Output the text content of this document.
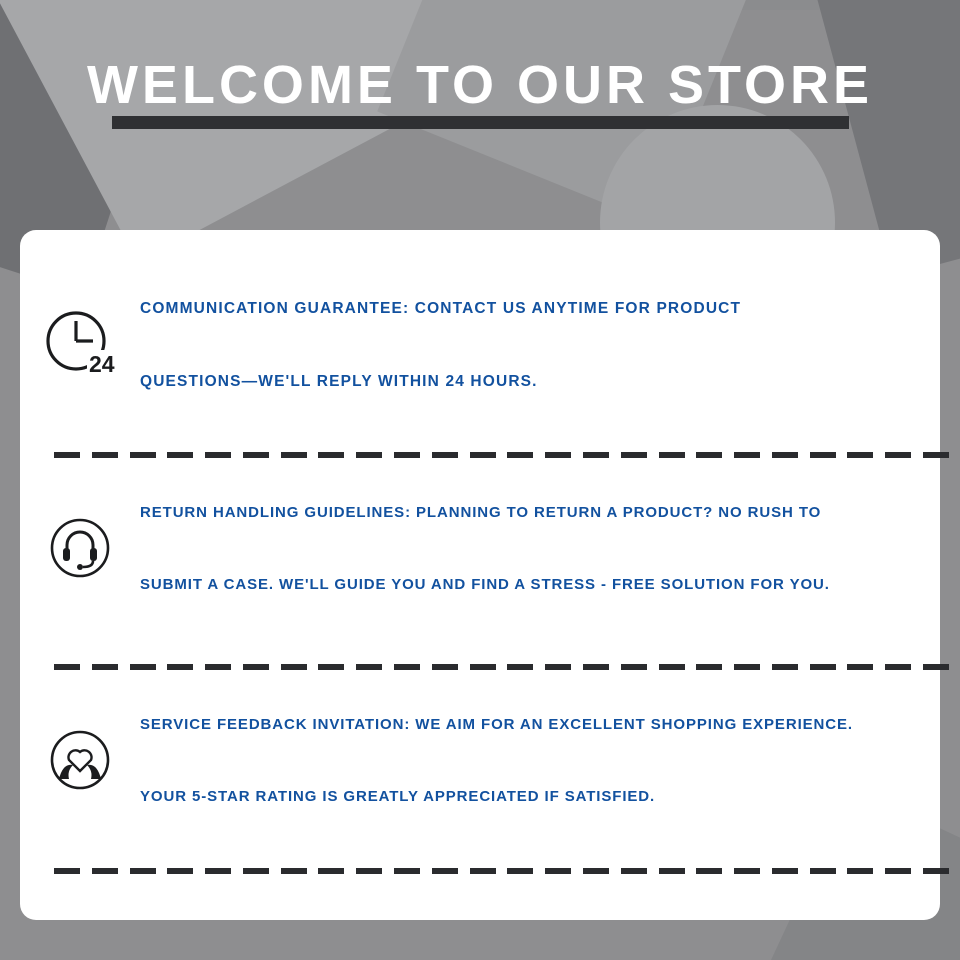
WELCOME TO OUR STORE
24
COMMUNICATION GUARANTEE: CONTACT US ANYTIME FOR PRODUCT
QUESTIONS—WE'LL REPLY WITHIN 24 HOURS.
RETURN HANDLING GUIDELINES: PLANNING TO RETURN A PRODUCT? NO RUSH TO
SUBMIT A CASE. WE'LL GUIDE YOU AND FIND A STRESS - FREE SOLUTION FOR YOU.
SERVICE FEEDBACK INVITATION: WE AIM FOR AN EXCELLENT SHOPPING EXPERIENCE.
YOUR 5-STAR RATING IS GREATLY APPRECIATED IF SATISFIED.
